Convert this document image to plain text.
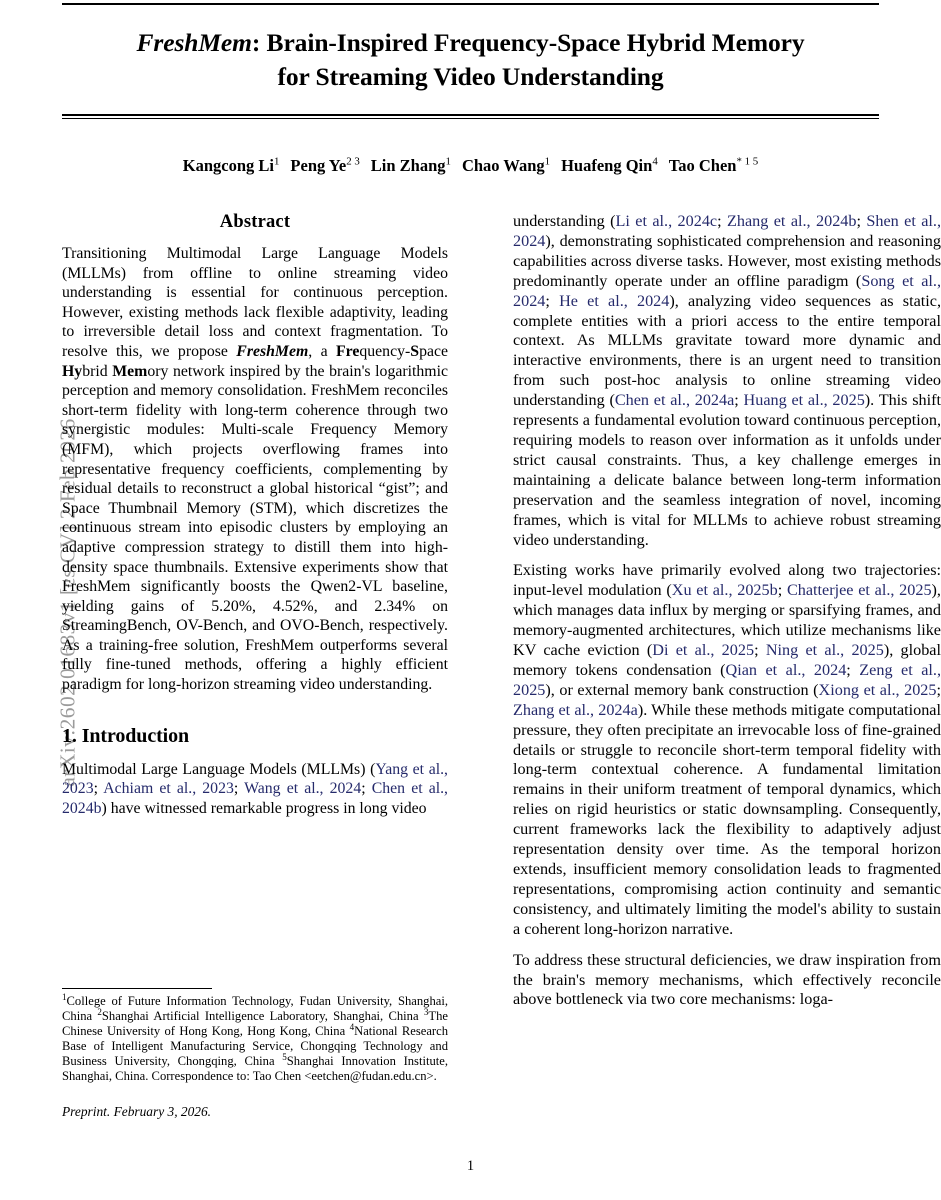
arXiv:2602.01683v1 [cs.CV] 2 Feb 2026
FreshMem: Brain-Inspired Frequency-Space Hybrid Memory
for Streaming Video Understanding
Kangcong Li$^1$ Peng $Ye^{2 3}$ Lin Zhang$^1$ Chao Wang$^1$ Huafeng Qin$^4$ Tao Chen$^{* 1 5}$
Abstract

Transitioning Multimodal Large Language Models (MLLMs) from offline to online streaming video understanding is essential for continuous perception. However, existing methods lack flexible adaptivity, leading to irreversible detail loss and context fragmentation. To resolve this, we propose FreshMem, a Frequency-Space Hybrid Memory network inspired by the brain's logarithmic perception and memory consolidation. FreshMem reconciles short-term fidelity with long-term coherence through two synergistic modules: Multi-scale Frequency Memory (MFM), which projects overflowing frames into representative frequency coefficients, complementing by residual details to reconstruct a global historical “gist”; and Space Thumbnail Memory (STM), which discretizes the continuous stream into episodic clusters by employing an adaptive compression strategy to distill them into high-density space thumbnails. Extensive experiments show that FreshMem significantly boosts the Qwen2-VL baseline, yielding gains of 5.20%, 4.52%, and 2.34% on StreamingBench, OV-Bench, and OVO-Bench, respectively. As a training-free solution, FreshMem outperforms several fully fine-tuned methods, offering a highly efficient paradigm for long-horizon streaming video understanding.

1. Introduction

Multimodal Large Language Models (MLLMs) (Yang et al., 2023; Achiam et al., 2023; Wang et al., 2024; Chen et al., 2024b) have witnessed remarkable progress in long video

$^1$College of Future Information Technology, Fudan University, Shanghai, China $^2$Shanghai Artificial Intelligence Laboratory, Shanghai, China $^3$The Chinese University of Hong Kong, Hong Kong, China $^4$National Research Base of Intelligent Manufacturing Service, Chongqing Technology and Business University, Chongqing, China $^5$Shanghai Innovation Institute, Shanghai, China. Correspondence to: Tao Chen <eetchen@fudan.edu.cn>.

Preprint. February 3, 2026.

understanding (Li et al., 2024c; Zhang et al., 2024b; Shen et al., 2024), demonstrating sophisticated comprehension and reasoning capabilities across diverse tasks. However, most existing methods predominantly operate under an offline paradigm (Song et al., 2024; He et al., 2024), analyzing video sequences as static, complete entities with a priori access to the entire temporal context. As MLLMs gravitate toward more dynamic and interactive environments, there is an urgent need to transition from such post-hoc analysis to online streaming video understanding (Chen et al., 2024a; Huang et al., 2025). This shift represents a fundamental evolution toward continuous perception, requiring models to reason over information as it unfolds under strict causal constraints. Thus, a key challenge emerges in maintaining a delicate balance between long-term information preservation and the seamless integration of novel, incoming frames, which is vital for MLLMs to achieve robust streaming video understanding.

Existing works have primarily evolved along two trajectories: input-level modulation (Xu et al., 2025b; Chatterjee et al., 2025), which manages data influx by merging or sparsifying frames, and memory-augmented architectures, which utilize mechanisms like KV cache eviction (Di et al., 2025; Ning et al., 2025), global memory tokens condensation (Qian et al., 2024; Zeng et al., 2025), or external memory bank construction (Xiong et al., 2025; Zhang et al., 2024a). While these methods mitigate computational pressure, they often precipitate an irrevocable loss of fine-grained details or struggle to reconcile short-term temporal fidelity with long-term contextual coherence. A fundamental limitation remains in their uniform treatment of temporal dynamics, which relies on rigid heuristics or static downsampling. Consequently, current frameworks lack the flexibility to adaptively adjust representation density over time. As the temporal horizon extends, insufficient memory consolidation leads to fragmented representations, compromising action continuity and semantic consistency, and ultimately limiting the model's ability to sustain a coherent long-horizon narrative.

To address these structural deficiencies, we draw inspiration from the brain's memory mechanisms, which effectively reconcile above bottleneck via two core mechanisms: loga-

1
